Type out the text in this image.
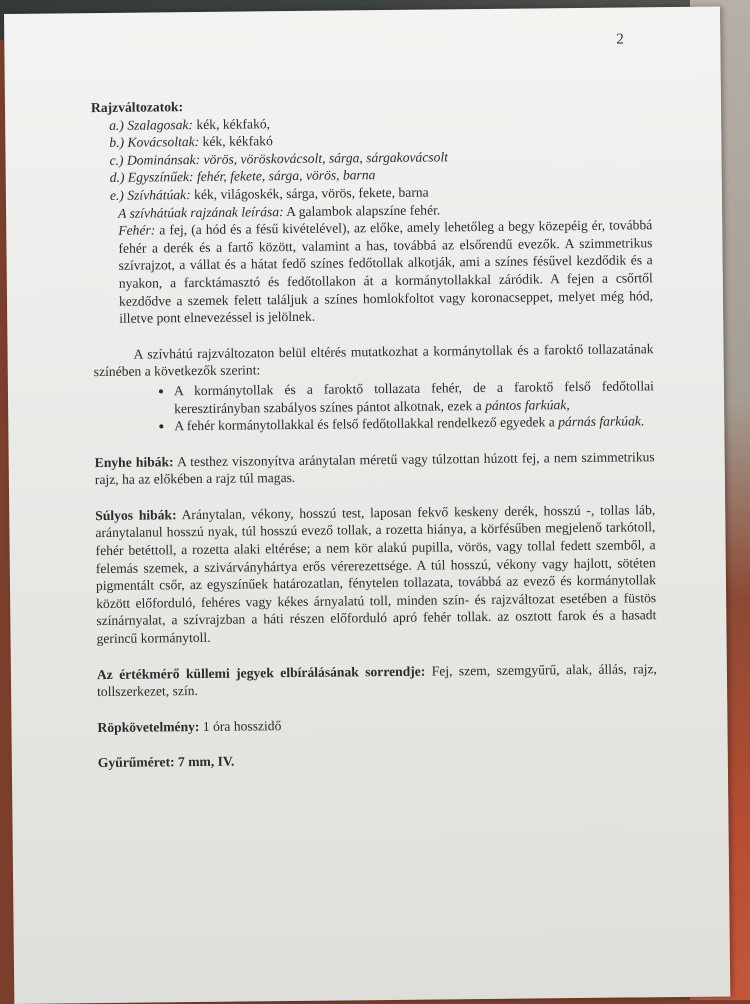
2

Rajzváltozatok:

a.) Szalagosak: kék, kékfakó,
b.) Kovácsoltak: kék, kékfakó
c.) Dominánsak: vörös, vöröskovácsolt, sárga, sárgakovácsolt
d.) Egyszínűek: fehér, fekete, sárga, vörös, barna
e.) Szívhátúak: kék, világoskék, sárga, vörös, fekete, barna

A szívhátúak rajzának leírása: A galambok alapszíne fehér.
Fehér: a fej, (a hód és a fésű kivételével), az előke, amely lehetőleg a begy közepéig ér, továbbá fehér a derék és a fartő között, valamint a has, továbbá az elsőrendű evezők. A szimmetrikus szívrajzot, a vállat és a hátat fedő színes fedőtollak alkotják, ami a színes fésűvel kezdődik és a nyakon, a farcktámasztó és fedőtollakon át a kormánytollakkal záródik. A fejen a csőrtől kezdődve a szemek felett találjuk a színes homlokfoltot vagy koronacseppet, melyet még hód, illetve pont elnevezéssel is jelölnek.

A szívhátú rajzváltozaton belül eltérés mutatkozhat a kormánytollak és a faroktő tollazatának színében a következők szerint:

• A kormánytollak és a faroktő tollazata fehér, de a faroktő felső fedőtollai keresztirányban szabályos színes pántot alkotnak, ezek a pántos farkúak,
• A fehér kormánytollakkal és felső fedőtollakkal rendelkező egyedek a párnás farkúak.

Enyhe hibák: A testhez viszonyítva aránytalan méretű vagy túlzottan húzott fej, a nem szimmetrikus rajz, ha az előkében a rajz túl magas.

Súlyos hibák: Aránytalan, vékony, hosszú test, laposan fekvő keskeny derék, hosszú -, tollas láb, aránytalanul hosszú nyak, túl hosszú evező tollak, a rozetta hiánya, a körfésűben megjelenő tarkótoll, fehér betéttoll, a rozetta alaki eltérése; a nem kör alakú pupilla, vörös, vagy tollal fedett szemből, a felemás szemek, a szivárványhártya erős vérerezettsége. A túl hosszú, vékony vagy hajlott, sötéten pigmentált csőr, az egyszínűek határozatlan, fénytelen tollazata, továbbá az evező és kormánytollak között előforduló, fehéres vagy kékes árnyalatú toll, minden szín- és rajzváltozat esetében a füstös színárnyalat, a szívrajzban a háti részen előforduló apró fehér tollak. az osztott farok és a hasadt gerincű kormánytoll.

Az értékmérő küllemi jegyek elbírálásának sorrendje: Fej, szem, szemgyűrű, alak, állás, rajz, tollszerkezet, szín.

Röpkövetelmény: 1 óra hosszidő

Gyűrűméret: 7 mm, IV.
